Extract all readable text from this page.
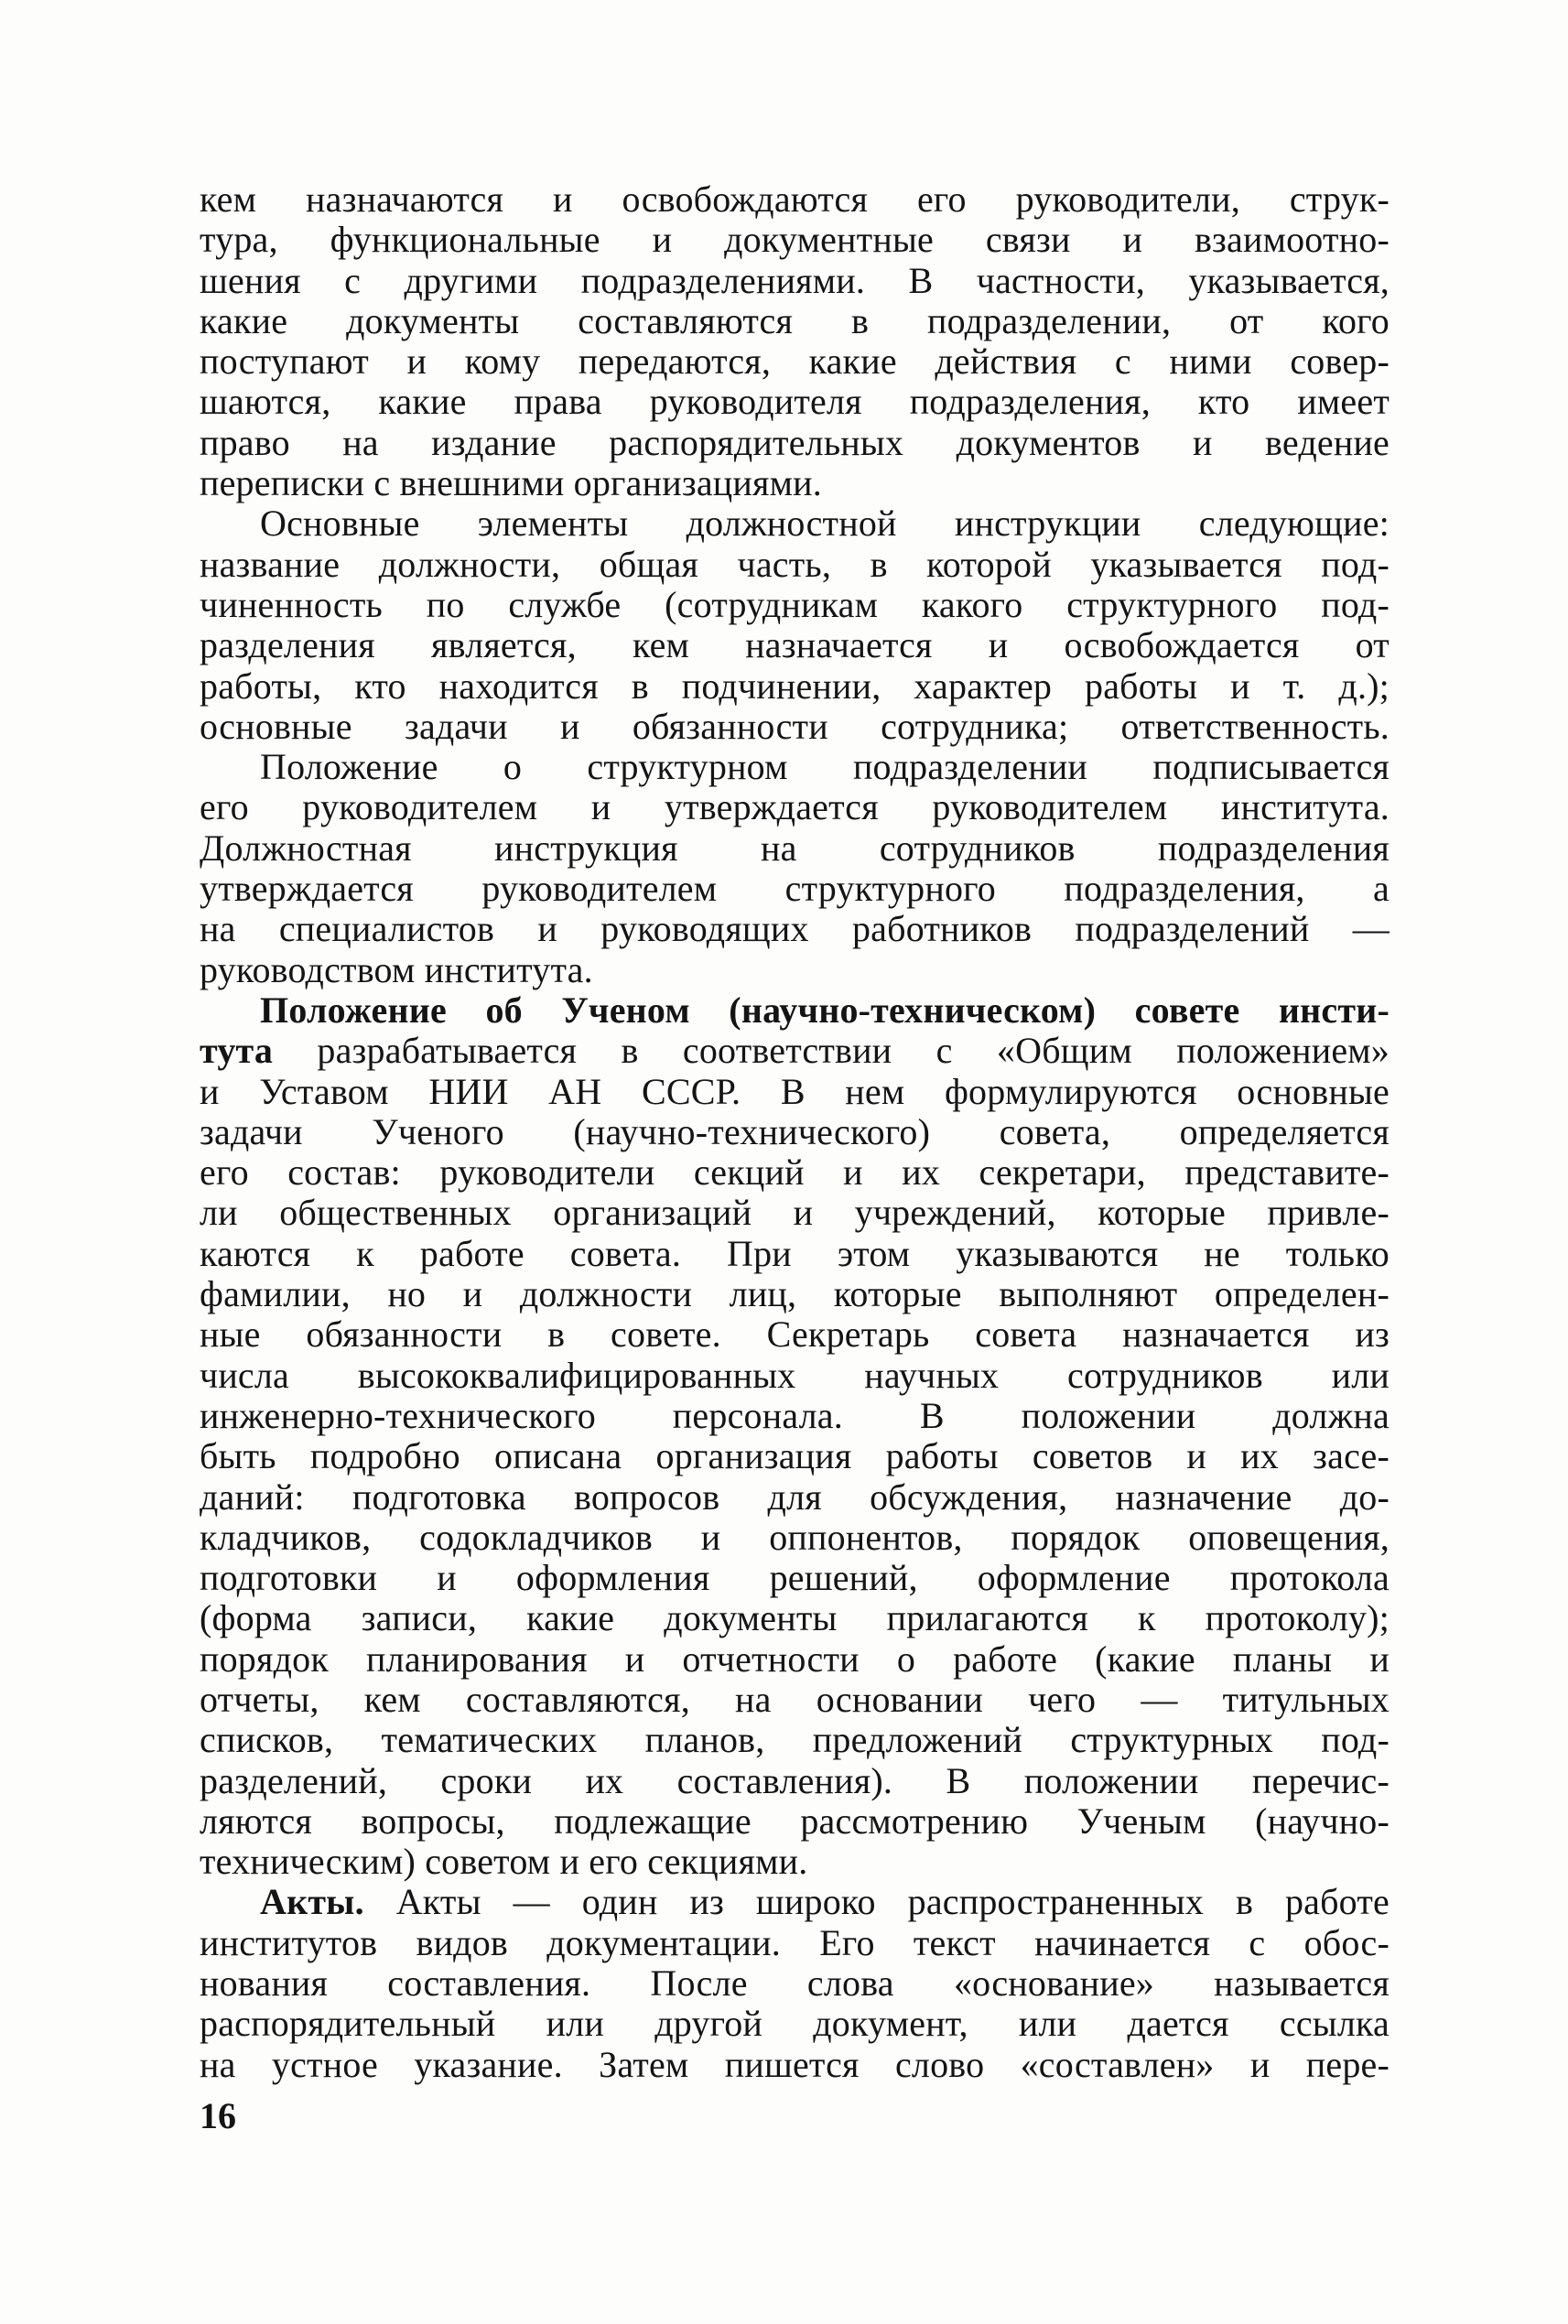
кем назначаются и освобождаются его руководители, струк-
тура, функциональные и документные связи и взаимоотно-
шения с другими подразделениями. В частности, указывается,
какие документы составляются в подразделении, от кого
поступают и кому передаются, какие действия с ними совер-
шаются, какие права руководителя подразделения, кто имеет
право на издание распорядительных документов и ведение
переписки с внешними организациями.
Основные элементы должностной инструкции следующие:
название должности, общая часть, в которой указывается под-
чиненность по службе (сотрудникам какого структурного под-
разделения является, кем назначается и освобождается от
работы, кто находится в подчинении, характер работы и т. д.);
основные задачи и обязанности сотрудника; ответственность.
Положение о структурном подразделении подписывается
его руководителем и утверждается руководителем института.
Должностная инструкция на сотрудников подразделения
утверждается руководителем структурного подразделения, а
на специалистов и руководящих работников подразделений —
руководством института.
Положение об Ученом (научно-техническом) совете инсти-
тута разрабатывается в соответствии с «Общим положением»
и Уставом НИИ АН СССР. В нем формулируются основные
задачи Ученого (научно-технического) совета, определяется
его состав: руководители секций и их секретари, представите-
ли общественных организаций и учреждений, которые привле-
каются к работе совета. При этом указываются не только
фамилии, но и должности лиц, которые выполняют определен-
ные обязанности в совете. Секретарь совета назначается из
числа высококвалифицированных научных сотрудников или
инженерно-технического персонала. В положении должна
быть подробно описана организация работы советов и их засе-
даний: подготовка вопросов для обсуждения, назначение до-
кладчиков, содокладчиков и оппонентов, порядок оповещения,
подготовки и оформления решений, оформление протокола
(форма записи, какие документы прилагаются к протоколу);
порядок планирования и отчетности о работе (какие планы и
отчеты, кем составляются, на основании чего — титульных
списков, тематических планов, предложений структурных под-
разделений, сроки их составления). В положении перечис-
ляются вопросы, подлежащие рассмотрению Ученым (научно-
техническим) советом и его секциями.
Акты. Акты — один из широко распространенных в работе
институтов видов документации. Его текст начинается с обос-
нования составления. После слова «основание» называется
распорядительный или другой документ, или дается ссылка
на устное указание. Затем пишется слово «составлен» и пере-
16
